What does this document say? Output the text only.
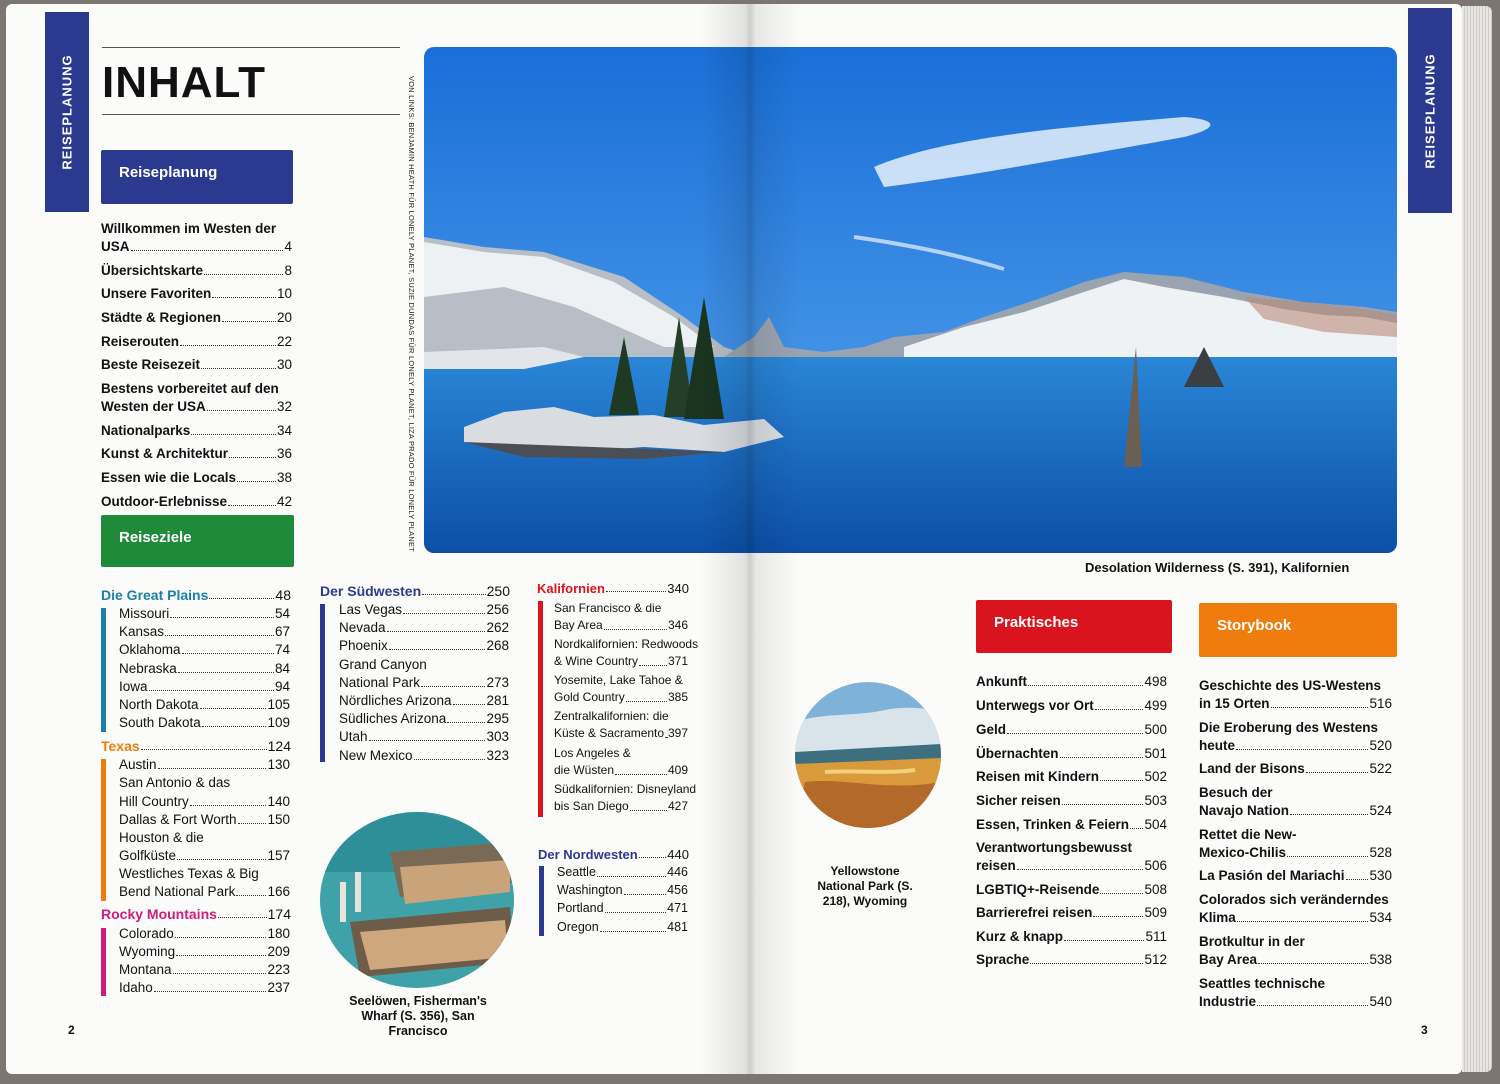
REISEPLANUNG	REISEPLANUNG
INHALT	VON LINKS: BENJAMIN HEATH FÜR LONELY PLANET, SUZIE DUNDAS FÜR LONELY PLANET, LIZA PRADO FÜR LONELY PLANET
Reiseplanung
Willkommen im Westen der
USA	4
Übersichtskarte	8
Unsere Favoriten	10
Städte & Regionen	20
Reiserouten	22
Beste Reisezeit	30
Bestens vorbereitet auf den
Westen der USA	32
Nationalparks	34
Kunst & Architektur	36
Essen wie die Locals	38
Outdoor-Erlebnisse	42
Reiseziele
Die Great Plains	48
Missouri	54
Kansas	67
Oklahoma	74
Nebraska	84
Iowa	94
North Dakota	105
South Dakota	109
Texas	124
Austin	130
San Antonio & das
Hill Country	140
Dallas & Fort Worth 150
Houston & die
Golfküste	157
Westliches Texas & Big
Bend National Park 166
Rocky Mountains	174
Colorado	180
Wyoming	209
Montana	223
Idaho	237
Der Südwesten	250
Las Vegas	256
Nevada	262
Phoenix	268
Grand Canyon
National Park	273
Nördliches Arizona	281
Südliches Arizona	295
Utah	303
New Mexico	323
Kalifornien	340
San Francisco & die
Bay Area	346
Nordkalifornien: Redwoods
& Wine Country 371
Yosemite, Lake Tahoe &
Gold Country	385
Zentralkalifornien: die
Küste & Sacramento 397
Los Angeles &
die Wüsten	409
Südkalifornien: Disneyland
bis San Diego	427
Der Nordwesten 440
Seattle	446
Washington	456
Portland	471
Oregon	481
Seelöwen, Fisherman's Wharf (S. 356), San Francisco
Yellowstone National Park (S. 218), Wyoming
Desolation Wilderness (S. 391), Kalifornien
Praktisches
Ankunft	498
Unterwegs vor Ort	499
Geld	500
Übernachten	501
Reisen mit Kindern	502
Sicher reisen	503
Essen, Trinken & Feiern 504
Verantwortungsbewusst
reisen	506
LGBTIQ+-Reisende	508
Barrierefrei reisen	509
Kurz & knapp	511
Sprache	512
Storybook
Geschichte des US-Westens
in 15 Orten	516
Die Eroberung des Westens
heute	520
Land der Bisons	522
Besuch der
Navajo Nation	524
Rettet die New-
Mexico-Chilis	528
La Pasión del Mariachi 530
Colorados sich veränderndes
Klima	534
Brotkultur in der
Bay Area	538
Seattles technische
Industrie	540
2	3
